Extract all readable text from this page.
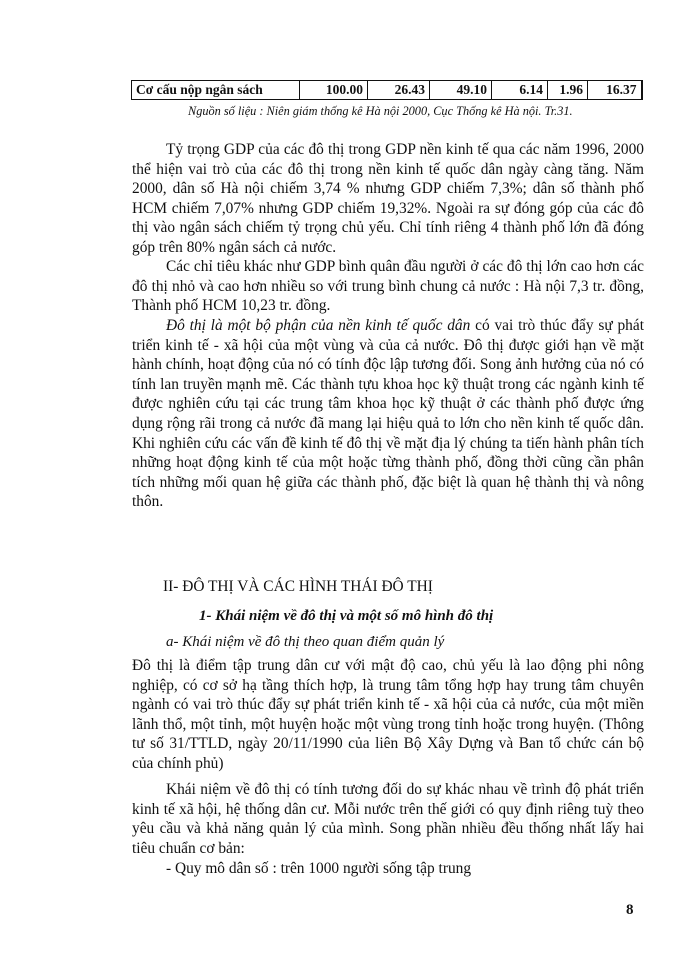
Cơ cấu nộp ngân sách	100.00	26.43	49.10	6.14	1.96	16.37
Nguồn số liệu : Niên giám thống kê Hà nội 2000, Cục Thống kê Hà nội. Tr.31.

Tỷ trọng GDP của các đô thị trong GDP nền kinh tế qua các năm 1996, 2000 thể hiện vai trò của các đô thị trong nền kinh tế quốc dân ngày càng tăng. Năm 2000, dân số Hà nội chiếm 3,74 % nhưng GDP chiếm 7,3%; dân số thành phố HCM chiếm 7,07% nhưng GDP chiếm 19,32%. Ngoài ra sự đóng góp của các đô thị vào ngân sách chiếm tỷ trọng chủ yếu. Chỉ tính riêng 4 thành phố lớn đã đóng góp trên 80% ngân sách cả nước.

Các chỉ tiêu khác như GDP bình quân đầu người ở các đô thị lớn cao hơn các đô thị nhỏ và cao hơn nhiều so với trung bình chung cả nước : Hà nội 7,3 tr. đồng, Thành phố HCM 10,23 tr. đồng.

Đô thị là một bộ phận của nền kinh tế quốc dân có vai trò thúc đẩy sự phát triển kinh tế - xã hội của một vùng và của cả nước. Đô thị được giới hạn về mặt hành chính, hoạt động của nó có tính độc lập tương đối. Song ảnh hưởng của nó có tính lan truyền mạnh mẽ. Các thành tựu khoa học kỹ thuật trong các ngành kinh tế được nghiên cứu tại các trung tâm khoa học kỹ thuật ở các thành phố được ứng dụng rộng rãi trong cả nước đã mang lại hiệu quả to lớn cho nền kinh tế quốc dân. Khi nghiên cứu các vấn đề kinh tế đô thị về mặt địa lý chúng ta tiến hành phân tích những hoạt động kinh tế của một hoặc từng thành phố, đồng thời cũng cần phân tích những mối quan hệ giữa các thành phố, đặc biệt là quan hệ thành thị và nông thôn.

II- ĐÔ THỊ VÀ CÁC HÌNH THÁI ĐÔ THỊ
1- Khái niệm về đô thị và một số mô hình đô thị
a- Khái niệm về đô thị theo quan điểm quản lý

Đô thị là điểm tập trung dân cư với mật độ cao, chủ yếu là lao động phi nông nghiệp, có cơ sở hạ tầng thích hợp, là trung tâm tổng hợp hay trung tâm chuyên ngành có vai trò thúc đẩy sự phát triển kinh tế - xã hội của cả nước, của một miền lãnh thổ, một tỉnh, một huyện hoặc một vùng trong tỉnh hoặc trong huyện. (Thông tư số 31/TTLD, ngày 20/11/1990 của liên Bộ Xây Dựng và Ban tổ chức cán bộ của chính phủ)

Khái niệm về đô thị có tính tương đối do sự khác nhau về trình độ phát triển kinh tế xã hội, hệ thống dân cư. Mỗi nước trên thế giới có quy định riêng tuỳ theo yêu cầu và khả năng quản lý của mình. Song phần nhiều đều thống nhất lấy hai tiêu chuẩn cơ bản:

- Quy mô dân số : trên 1000 người sống tập trung
8
